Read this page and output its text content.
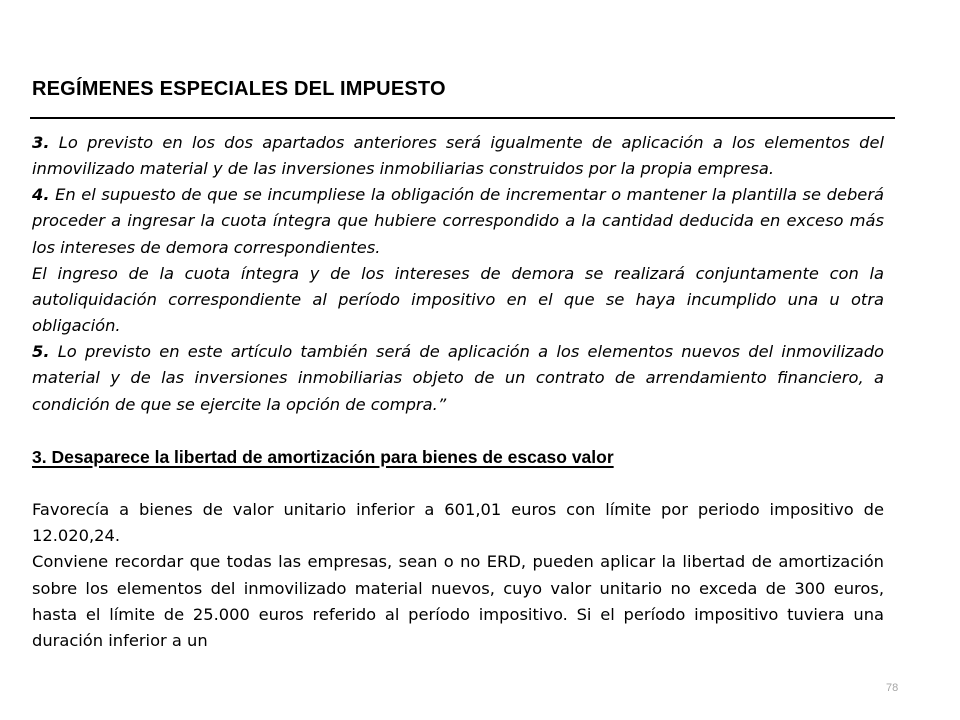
REGÍMENES ESPECIALES DEL IMPUESTO

3. Lo previsto en los dos apartados anteriores será igualmente de aplicación a los elementos del inmovilizado material y de las inversiones inmobiliarias construidos por la propia empresa.

4. En el supuesto de que se incumpliese la obligación de incrementar o mantener la plantilla se deberá proceder a ingresar la cuota íntegra que hubiere correspondido a la cantidad deducida en exceso más los intereses de demora correspondientes.

El ingreso de la cuota íntegra y de los intereses de demora se realizará conjuntamente con la autoliquidación correspondiente al período impositivo en el que se haya incumplido una u otra obligación.

5. Lo previsto en este artículo también será de aplicación a los elementos nuevos del inmovilizado material y de las inversiones inmobiliarias objeto de un contrato de arrendamiento financiero, a condición de que se ejercite la opción de compra.”

3. Desaparece la libertad de amortización para bienes de escaso valor

Favorecía a bienes de valor unitario inferior a 601,01 euros con límite por periodo impositivo de 12.020,24.

Conviene recordar que todas las empresas, sean o no ERD, pueden aplicar la libertad de amortización sobre los elementos del inmovilizado material nuevos, cuyo valor unitario no exceda de 300 euros, hasta el límite de 25.000 euros referido al período impositivo. Si el período impositivo tuviera una duración inferior a un

78
